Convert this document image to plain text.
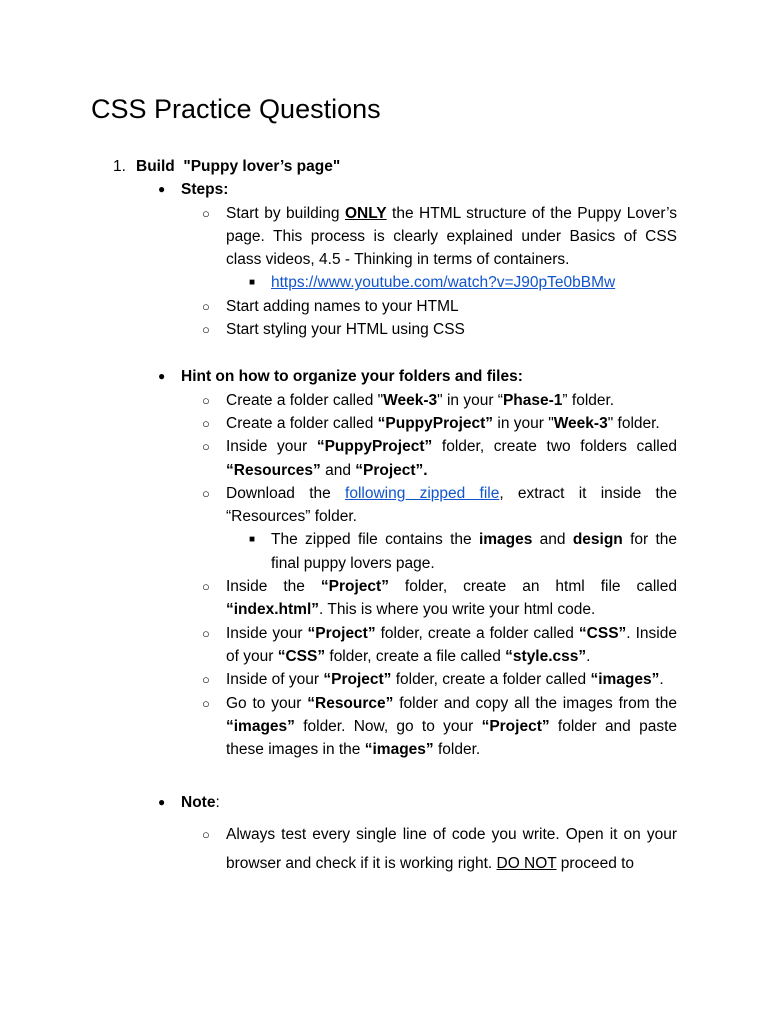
CSS Practice Questions
1. Build "Puppy lover’s page"
● Steps:
○ Start by building ONLY the HTML structure of the Puppy Lover’s page. This process is clearly explained under Basics of CSS class videos, 4.5 - Thinking in terms of containers.
■ https://www.youtube.com/watch?v=J90pTe0bBMw
○ Start adding names to your HTML
○ Start styling your HTML using CSS
● Hint on how to organize your folders and files:
○ Create a folder called "Week-3" in your “Phase-1” folder.
○ Create a folder called “PuppyProject” in your "Week-3" folder.
○ Inside your “PuppyProject” folder, create two folders called “Resources” and “Project”.
○ Download the following zipped file, extract it inside the “Resources” folder.
■ The zipped file contains the images and design for the final puppy lovers page.
○ Inside the “Project” folder, create an html file called “index.html”. This is where you write your html code.
○ Inside your “Project” folder, create a folder called “CSS”. Inside of your “CSS” folder, create a file called “style.css”.
○ Inside of your “Project” folder, create a folder called “images”.
○ Go to your “Resource” folder and copy all the images from the “images” folder. Now, go to your “Project” folder and paste these images in the “images” folder.
● Note:
○ Always test every single line of code you write. Open it on your browser and check if it is working right. DO NOT proceed to
